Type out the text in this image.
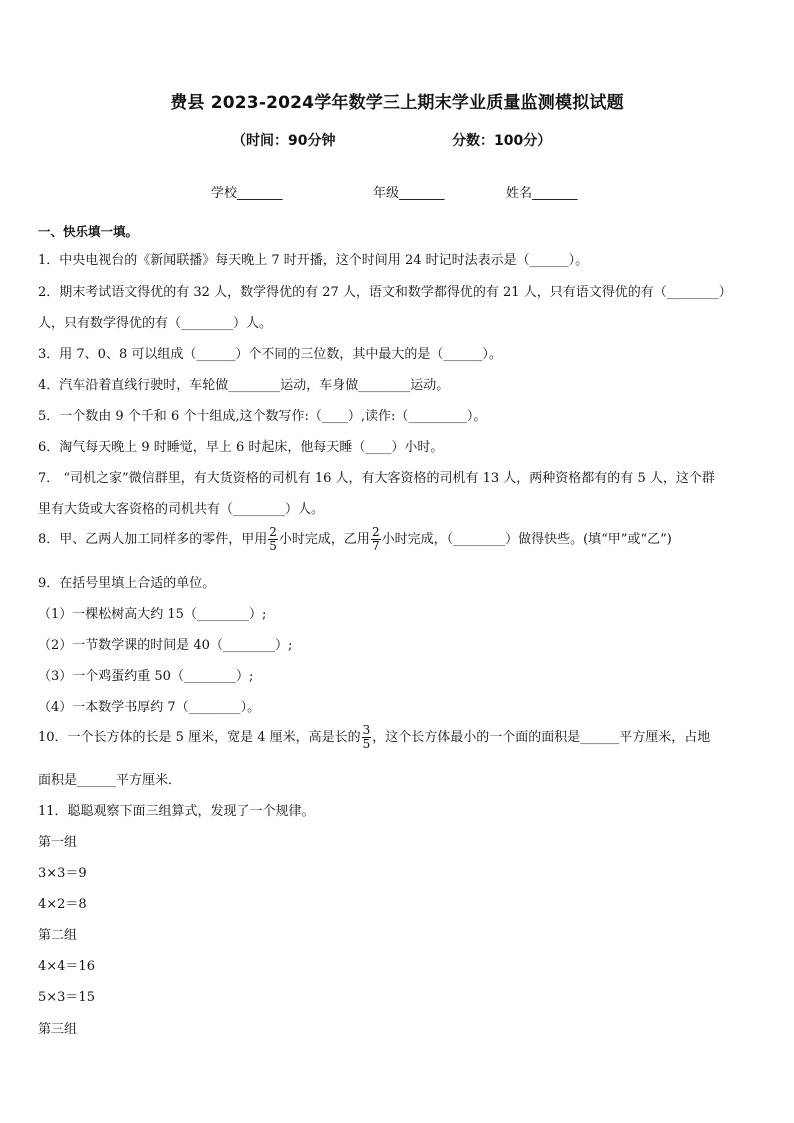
费县 2023-2024学年数学三上期末学业质量监测模拟试题
（时间：90分钟	分数：100分）
学校_______	年级_______	姓名_______
一、快乐填一填。
1．中央电视台的《新闻联播》每天晚上 7 时开播，这个时间用 24 时记时法表示是（______）。
2．期末考试语文得优的有 32 人，数学得优的有 27 人，语文和数学都得优的有 21 人，只有语文得优的有（________）
人，只有数学得优的有（________）人。
3．用 7、0、8 可以组成（______）个不同的三位数，其中最大的是（______）。
4．汽车沿着直线行驶时，车轮做________运动，车身做________运动。
5．一个数由 9 个千和 6 个十组成,这个数写作:（____）,读作:（_________）。
6．淘气每天晚上 9 时睡觉，早上 6 时起床，他每天睡（____）小时。
7． “司机之家”微信群里，有大货资格的司机有 16 人，有大客资格的司机有 13 人，两种资格都有的有 5 人，这个群
里有大货或大客资格的司机共有（________）人。
8．甲、乙两人加工同样多的零件，甲用 $\frac{2}{5}$ 小时完成，乙用 $\frac{2}{7}$ 小时完成，（________）做得快些。(填“甲”或“乙”)
9．在括号里填上合适的单位。
（1）一棵松树高大约 15（________）;
（2）一节数学课的时间是 40（________）;
（3）一个鸡蛋约重 50（________）;
（4）一本数学书厚约 7（________）。
10．一个长方体的长是 5 厘米，宽是 4 厘米，高是长的 $\frac{3}{5}$ ，这个长方体最小的一个面的面积是______平方厘米，占地
面积是______平方厘米．
11．聪聪观察下面三组算式，发现了一个规律。
第一组
3×3＝9
4×2＝8
第二组
4×4＝16
5×3＝15
第三组
